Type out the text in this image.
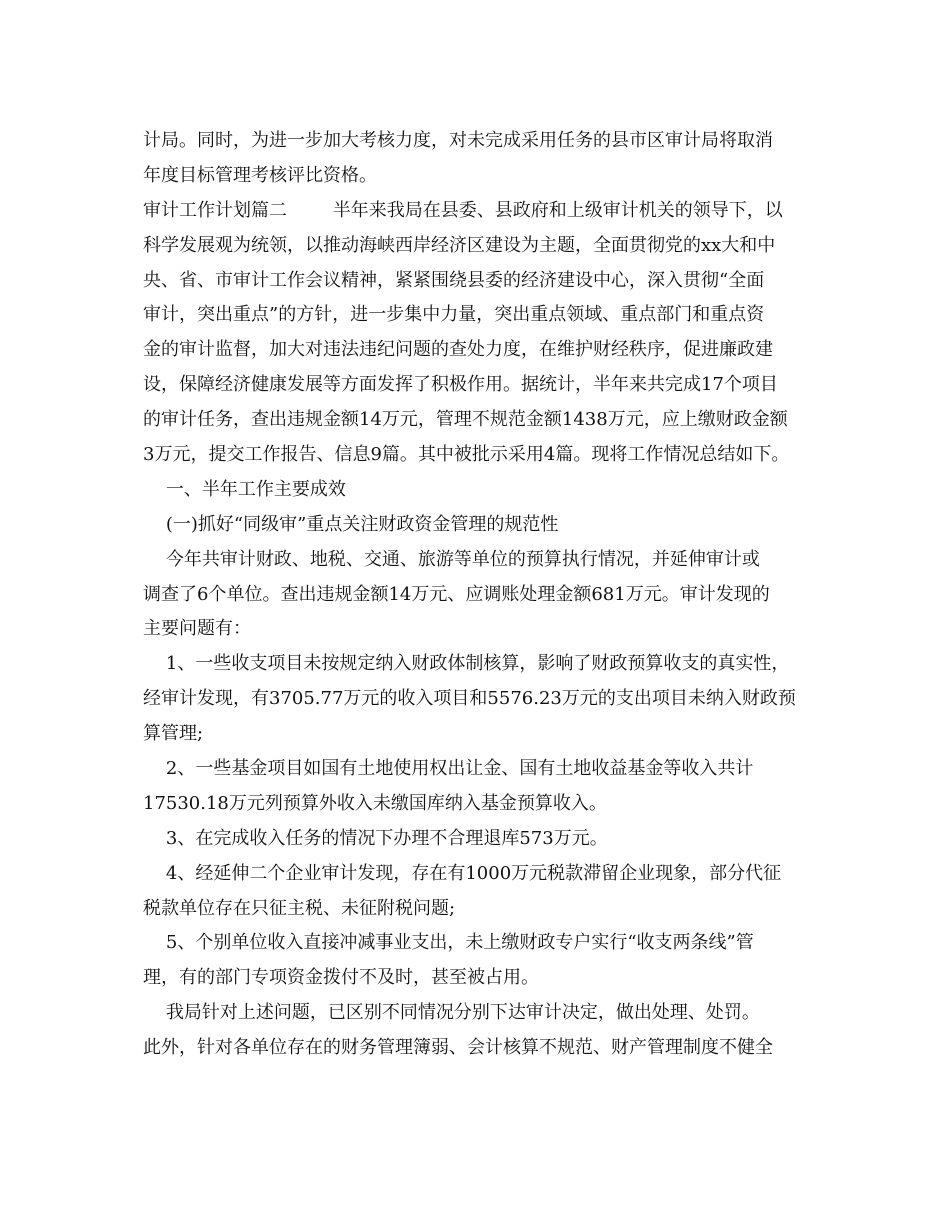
计局。同时，为进一步加大考核力度，对未完成采用任务的县市区审计局将取消
年度目标管理考核评比资格。
审计工作计划篇二        半年来我局在县委、县政府和上级审计机关的领导下，以
科学发展观为统领，以推动海峡西岸经济区建设为主题，全面贯彻党的xx大和中
央、省、市审计工作会议精神，紧紧围绕县委的经济建设中心，深入贯彻“全面
审计，突出重点”的方针，进一步集中力量，突出重点领域、重点部门和重点资
金的审计监督，加大对违法违纪问题的查处力度，在维护财经秩序，促进廉政建
设，保障经济健康发展等方面发挥了积极作用。据统计，半年来共完成17个项目
的审计任务，查出违规金额14万元，管理不规范金额1438万元，应上缴财政金额
3万元，提交工作报告、信息9篇。其中被批示采用4篇。现将工作情况总结如下。
一、半年工作主要成效
(一)抓好“同级审”重点关注财政资金管理的规范性
今年共审计财政、地税、交通、旅游等单位的预算执行情况，并延伸审计或
调查了6个单位。查出违规金额14万元、应调账处理金额681万元。审计发现的
主要问题有：
1、一些收支项目未按规定纳入财政体制核算，影响了财政预算收支的真实性，
经审计发现，有3705.77万元的收入项目和5576.23万元的支出项目未纳入财政预
算管理;
2、一些基金项目如国有土地使用权出让金、国有土地收益基金等收入共计
17530.18万元列预算外收入未缴国库纳入基金预算收入。
3、在完成收入任务的情况下办理不合理退库573万元。
4、经延伸二个企业审计发现，存在有1000万元税款滞留企业现象，部分代征
税款单位存在只征主税、未征附税问题;
5、个别单位收入直接冲减事业支出，未上缴财政专户实行“收支两条线”管
理，有的部门专项资金拨付不及时，甚至被占用。
我局针对上述问题，已区别不同情况分别下达审计决定，做出处理、处罚。
此外，针对各单位存在的财务管理簿弱、会计核算不规范、财产管理制度不健全
